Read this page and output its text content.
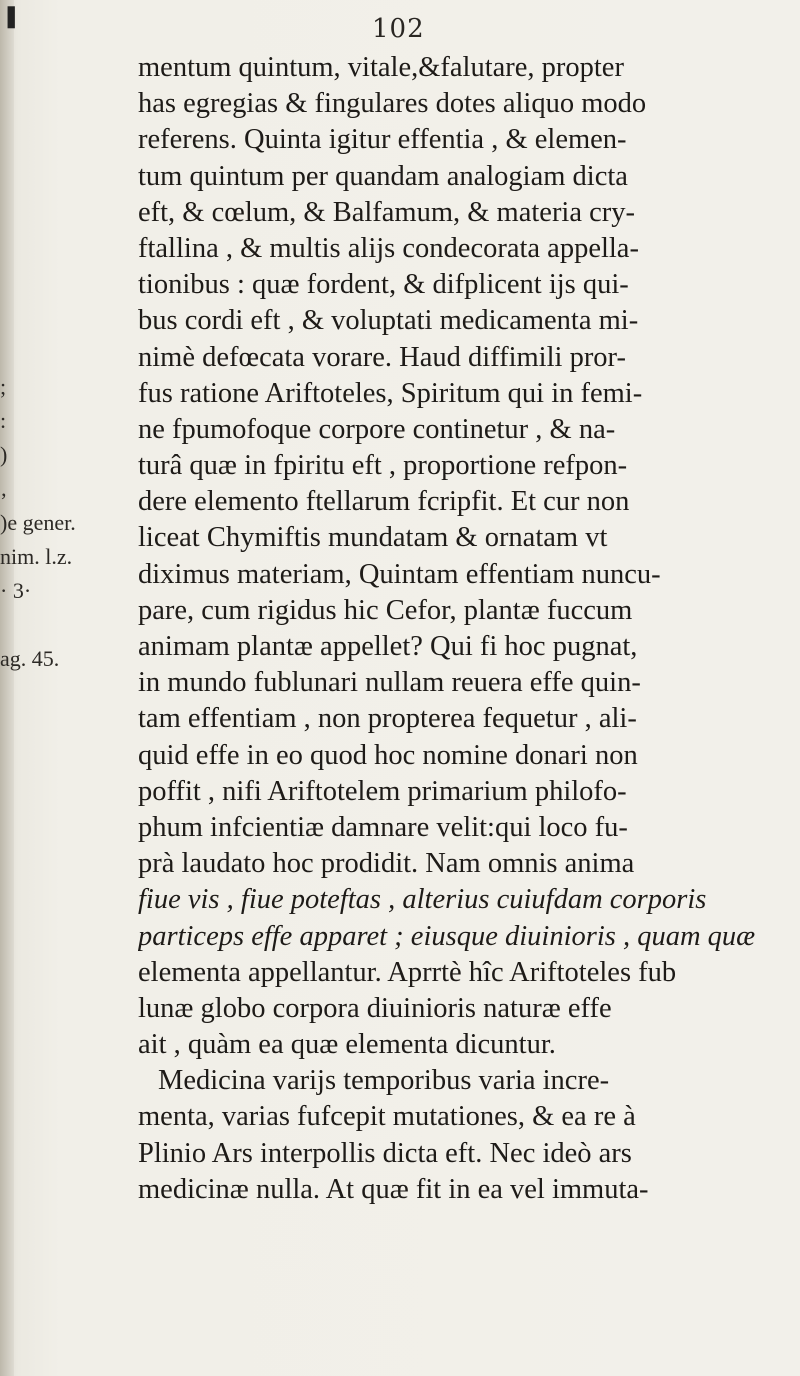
❚	102
;
:
)
‚
)e gener.
nim. l.z.
· 3·
ag. 45.
mentum quintum, vitale,&falutare, propter
has egregias & fingulares dotes aliquo modo
referens. Quinta igitur effentia , & elemen-
tum quintum per quandam analogiam dicta
eft, & cœlum, & Balfamum, & materia cry-
ftallina , & multis alijs condecorata appella-
tionibus : quæ fordent, & difplicent ijs qui-
bus cordi eft , & voluptati medicamenta mi-
nimè defœcata vorare. Haud diffimili pror-
fus ratione Ariftoteles, Spiritum qui in femi-
ne fpumofoque corpore continetur , & na-
turâ quæ in fpiritu eft , proportione refpon-
dere elemento ftellarum fcripfit. Et cur non
liceat Chymiftis mundatam & ornatam vt
diximus materiam, Quintam effentiam nuncu-
pare, cum rigidus hic Cefor, plantæ fuccum
animam plantæ appellet? Qui fi hoc pugnat,
in mundo fublunari nullam reuera effe quin-
tam effentiam , non propterea fequetur , ali-
quid effe in eo quod hoc nomine donari non
poffit , nifi Ariftotelem primarium philofo-
phum infcientiæ damnare velit:qui loco fu-
prà laudato hoc prodidit. Nam omnis anima
fiue vis , fiue poteftas , alterius cuiufdam corporis
particeps effe apparet ; eiusque diuinioris , quam quæ
elementa appellantur. Aprrtè hîc Ariftoteles fub
lunæ globo corpora diuinioris naturæ effe
ait , quàm ea quæ elementa dicuntur.
Medicina varijs temporibus varia incre-
menta, varias fufcepit mutationes, & ea re à
Plinio Ars interpollis dicta eft. Nec ideò ars
medicinæ nulla. At quæ fit in ea vel immuta-
